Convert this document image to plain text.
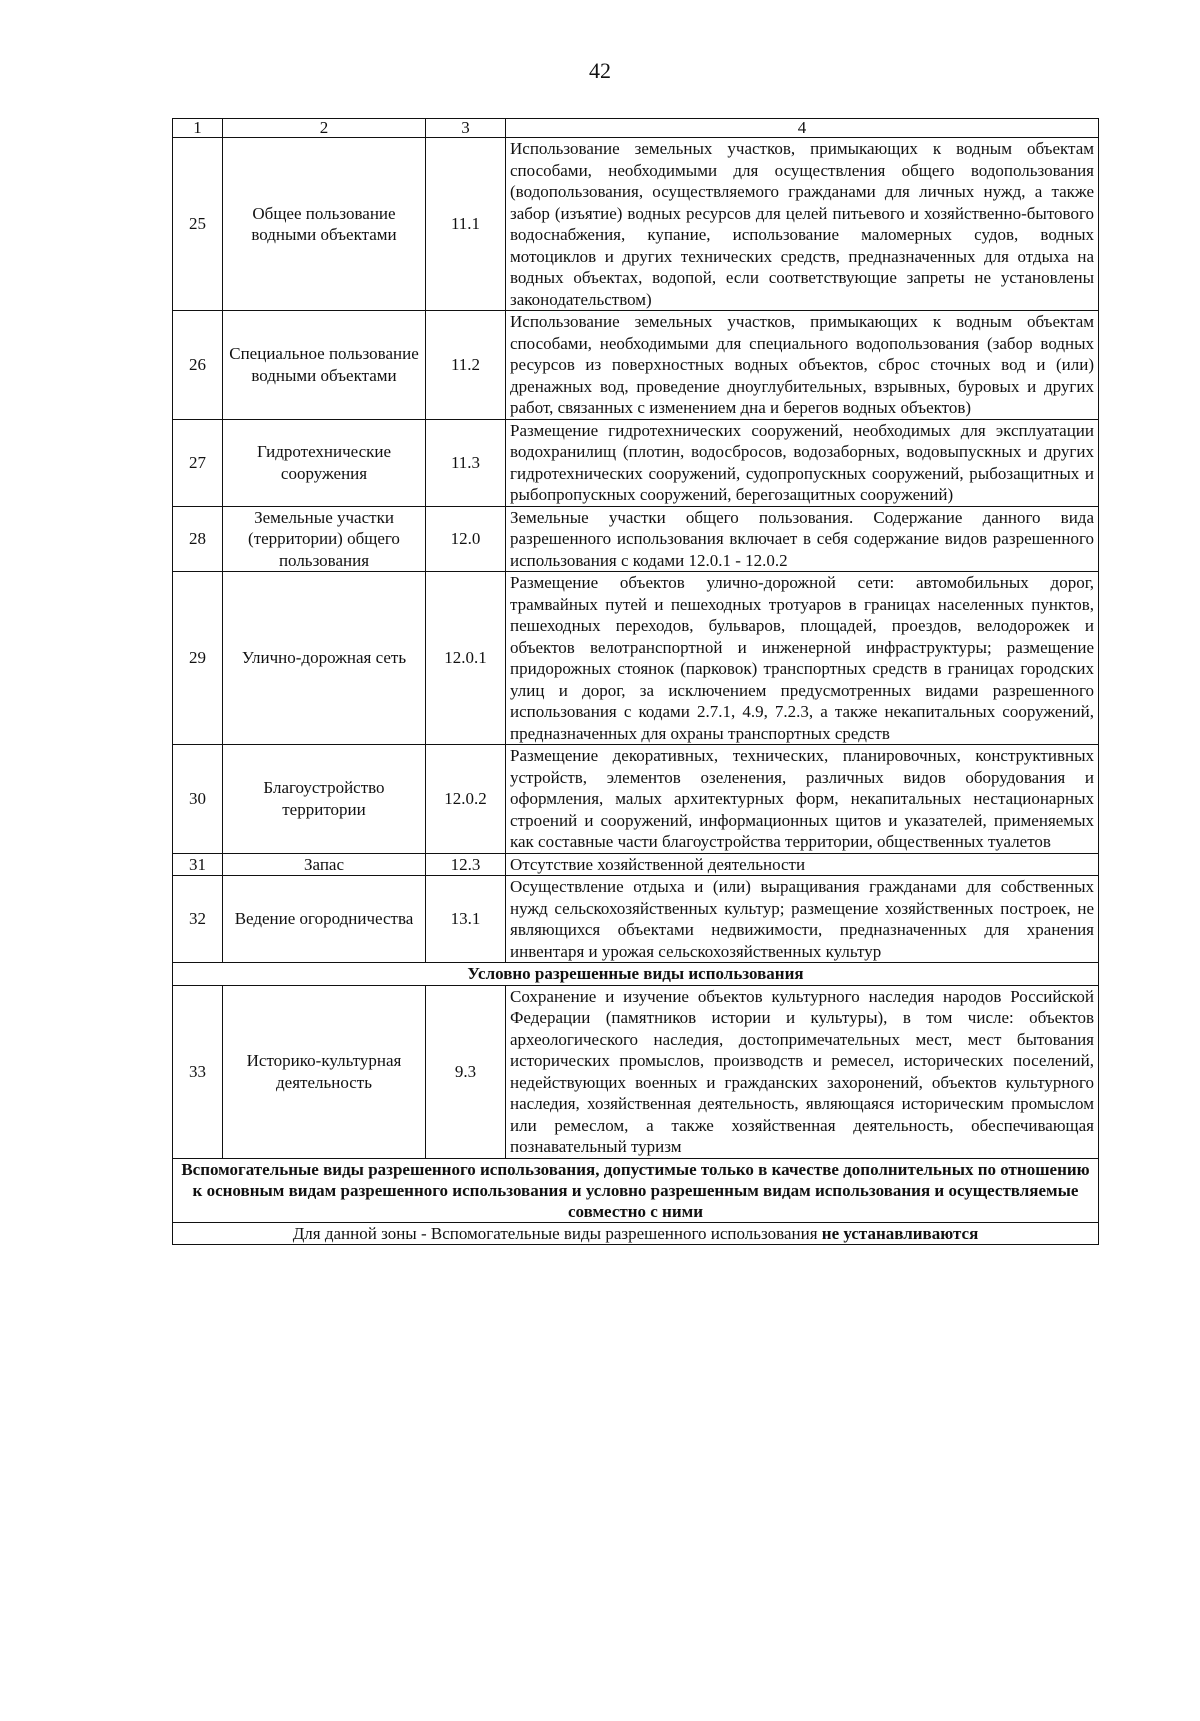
42
1	2	3	4
25	Общее пользование водными объектами	11.1	Использование земельных участков, примыкающих к водным объектам способами, необходимыми для осуществления общего водопользования (водопользования, осуществляемого гражданами для личных нужд, а также забор (изъятие) водных ресурсов для целей питьевого и хозяйственно-бытового водоснабжения, купание, использование маломерных судов, водных мотоциклов и других технических средств, предназначенных для отдыха на водных объектах, водопой, если соответствующие запреты не установлены законодательством)
26	Специальное пользование водными объектами	11.2	Использование земельных участков, примыкающих к водным объектам способами, необходимыми для специального водопользования (забор водных ресурсов из поверхностных водных объектов, сброс сточных вод и (или) дренажных вод, проведение дноуглубительных, взрывных, буровых и других работ, связанных с изменением дна и берегов водных объектов)
27	Гидротехнические сооружения	11.3	Размещение гидротехнических сооружений, необходимых для эксплуатации водохранилищ (плотин, водосбросов, водозаборных, водовыпускных и других гидротехнических сооружений, судопропускных сооружений, рыбозащитных и рыбопропускных сооружений, берегозащитных сооружений)
28	Земельные участки (территории) общего пользования	12.0	Земельные участки общего пользования. Содержание данного вида разрешенного использования включает в себя содержание видов разрешенного использования с кодами 12.0.1 - 12.0.2
29	Улично-дорожная сеть	12.0.1	Размещение объектов улично-дорожной сети: автомобильных дорог, трамвайных путей и пешеходных тротуаров в границах населенных пунктов, пешеходных переходов, бульваров, площадей, проездов, велодорожек и объектов велотранспортной и инженерной инфраструктуры; размещение придорожных стоянок (парковок) транспортных средств в границах городских улиц и дорог, за исключением предусмотренных видами разрешенного использования с кодами 2.7.1, 4.9, 7.2.3, а также некапитальных сооружений, предназначенных для охраны транспортных средств
30	Благоустройство территории	12.0.2	Размещение декоративных, технических, планировочных, конструктивных устройств, элементов озеленения, различных видов оборудования и оформления, малых архитектурных форм, некапитальных нестационарных строений и сооружений, информационных щитов и указателей, применяемых как составные части благоустройства территории, общественных туалетов
31	Запас	12.3	Отсутствие хозяйственной деятельности
32	Ведение огородничества	13.1	Осуществление отдыха и (или) выращивания гражданами для собственных нужд сельскохозяйственных культур; размещение хозяйственных построек, не являющихся объектами недвижимости, предназначенных для хранения инвентаря и урожая сельскохозяйственных культур
Условно разрешенные виды использования			
33	Историко-культурная деятельность	9.3	Сохранение и изучение объектов культурного наследия народов Российской Федерации (памятников истории и культуры), в том числе: объектов археологического наследия, достопримечательных мест, мест бытования исторических промыслов, производств и ремесел, исторических поселений, недействующих военных и гражданских захоронений, объектов культурного наследия, хозяйственная деятельность, являющаяся историческим промыслом или ремеслом, а также хозяйственная деятельность, обеспечивающая познавательный туризм
Вспомогательные виды разрешенного использования, допустимые только в качестве дополнительных по отношению к основным видам разрешенного использования и условно разрешенным видам использования и осуществляемые совместно с ними			
Для данной зоны - Вспомогательные виды разрешенного использования не устанавливаются			
